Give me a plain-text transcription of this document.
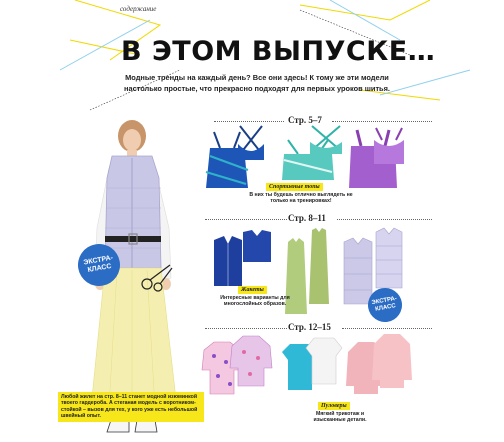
содержание
В ЭТОМ ВЫПУСКЕ…
Модные тренды на каждый день? Все они здесь! К тому же эти модели настолько простые, что прекрасно подходят для первых уроков шитья.
ЭКСТРА-КЛАСС
Любой жилет на стр. 8–11 станет модной изюминкой твоего гардероба. А стеганая модель с воротником-стойкой – вызов для тех, у кого уже есть небольшой швейный опыт.
Стр. 5–7
Спортивные топы
В них ты будешь отлично выглядеть не только на тренировках!
Стр. 8–11
ЭКСТРА-КЛАСС
Жакеты
Интересные варианты для многослойных образов.
Стр. 12–15
Пуловеры
Мягкий трикотаж и изысканные детали.
